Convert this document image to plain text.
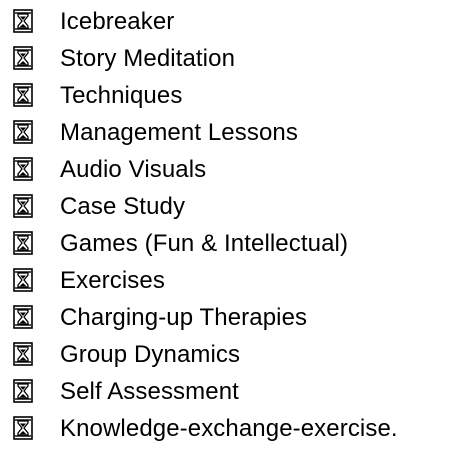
Icebreaker
Story Meditation
Techniques
Management Lessons
Audio Visuals
Case Study
Games (Fun & Intellectual)
Exercises
Charging-up Therapies
Group Dynamics
Self Assessment
Knowledge-exchange-exercise.
